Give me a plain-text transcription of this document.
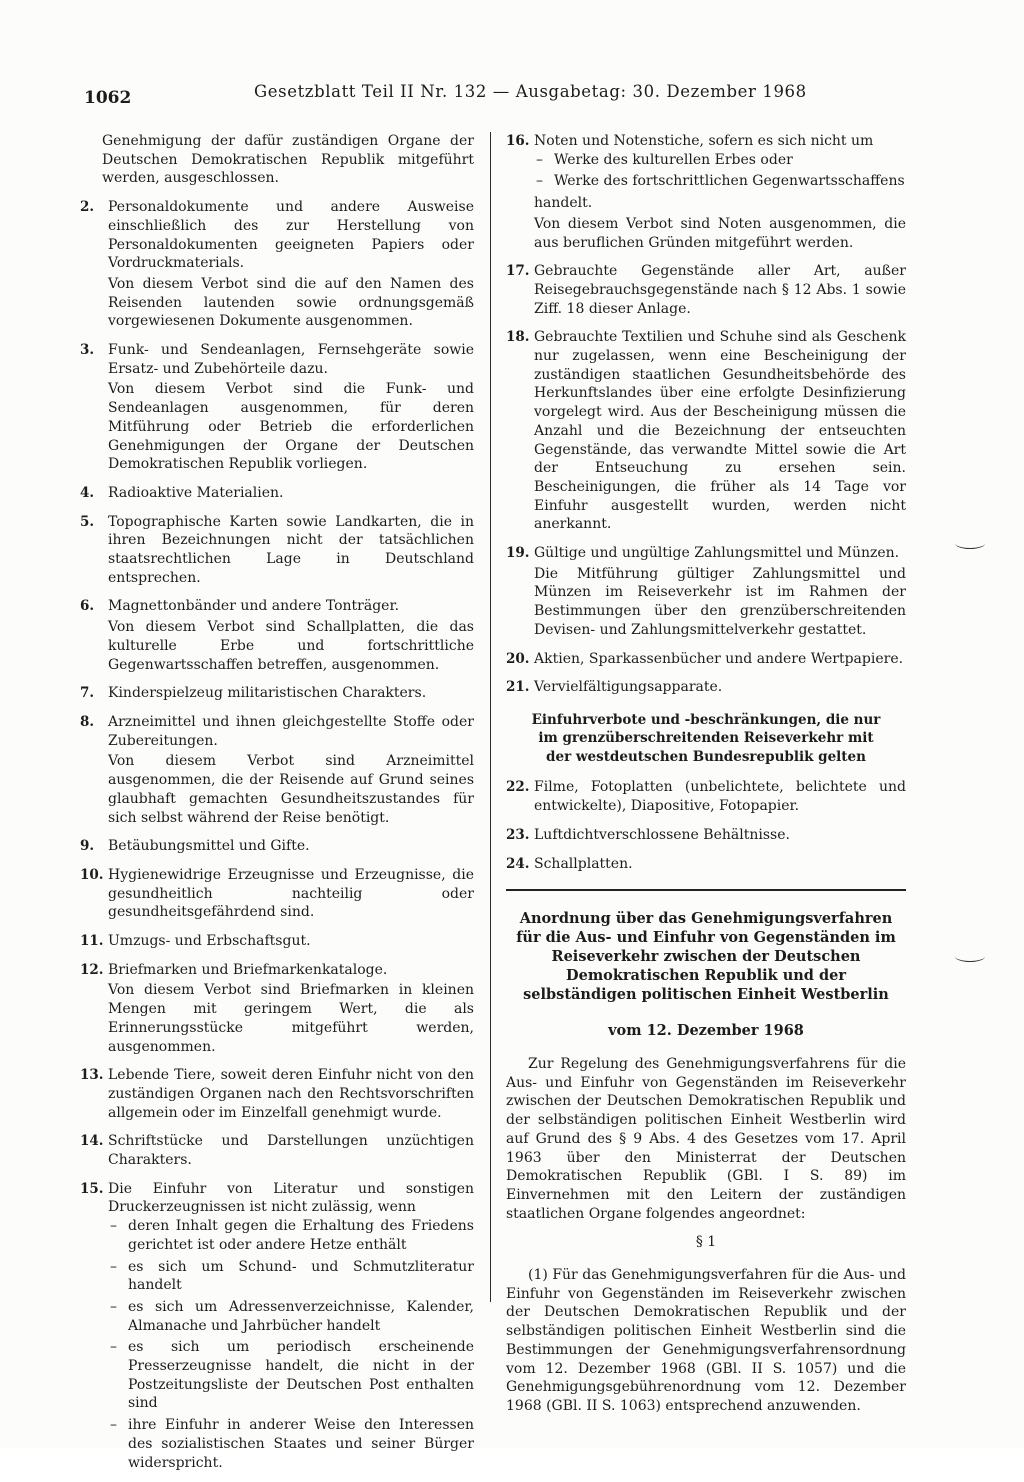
1062	Gesetzblatt Teil II Nr. 132 — Ausgabetag: 30. Dezember 1968

Genehmigung der dafür zuständigen Organe der Deutschen Demokratischen Republik mitgeführt werden, ausgeschlossen.

2. Personaldokumente und andere Ausweise einschließlich des zur Herstellung von Personaldokumenten geeigneten Papiers oder Vordruckmaterials.

Von diesem Verbot sind die auf den Namen des Reisenden lautenden sowie ordnungsgemäß vorgewiesenen Dokumente ausgenommen.

3. Funk- und Sendeanlagen, Fernsehgeräte sowie Ersatz- und Zubehörteile dazu.

Von diesem Verbot sind die Funk- und Sendeanlagen ausgenommen, für deren Mitführung oder Betrieb die erforderlichen Genehmigungen der Organe der Deutschen Demokratischen Republik vorliegen.

4. Radioaktive Materialien.

5. Topographische Karten sowie Landkarten, die in ihren Bezeichnungen nicht der tatsächlichen staatsrechtlichen Lage in Deutschland entsprechen.

6. Magnettonbänder und andere Tonträger.

Von diesem Verbot sind Schallplatten, die das kulturelle Erbe und fortschrittliche Gegenwartsschaffen betreffen, ausgenommen.

7. Kinderspielzeug militaristischen Charakters.

8. Arzneimittel und ihnen gleichgestellte Stoffe oder Zubereitungen.

Von diesem Verbot sind Arzneimittel ausgenommen, die der Reisende auf Grund seines glaubhaft gemachten Gesundheitszustandes für sich selbst während der Reise benötigt.

9. Betäubungsmittel und Gifte.

10. Hygienewidrige Erzeugnisse und Erzeugnisse, die gesundheitlich nachteilig oder gesundheitsgefährdend sind.

11. Umzugs- und Erbschaftsgut.

12. Briefmarken und Briefmarkenkataloge.

Von diesem Verbot sind Briefmarken in kleinen Mengen mit geringem Wert, die als Erinnerungsstücke mitgeführt werden, ausgenommen.

13. Lebende Tiere, soweit deren Einfuhr nicht von den zuständigen Organen nach den Rechtsvorschriften allgemein oder im Einzelfall genehmigt wurde.

14. Schriftstücke und Darstellungen unzüchtigen Charakters.

15. Die Einfuhr von Literatur und sonstigen Druckerzeugnissen ist nicht zulässig, wenn

– deren Inhalt gegen die Erhaltung des Friedens gerichtet ist oder andere Hetze enthält
– es sich um Schund- und Schmutzliteratur handelt
– es sich um Adressenverzeichnisse, Kalender, Almanache und Jahrbücher handelt
– es sich um periodisch erscheinende Presserzeugnisse handelt, die nicht in der Postzeitungsliste der Deutschen Post enthalten sind
– ihre Einfuhr in anderer Weise den Interessen des sozialistischen Staates und seiner Bürger widerspricht.
16. Noten und Notenstiche, sofern es sich nicht um

– Werke des kulturellen Erbes oder
– Werke des fortschrittlichen Gegenwartsschaffens

handelt.

Von diesem Verbot sind Noten ausgenommen, die aus beruflichen Gründen mitgeführt werden.

17. Gebrauchte Gegenstände aller Art, außer Reisegebrauchsgegenstände nach § 12 Abs. 1 sowie Ziff. 18 dieser Anlage.

18. Gebrauchte Textilien und Schuhe sind als Geschenk nur zugelassen, wenn eine Bescheinigung der zuständigen staatlichen Gesundheitsbehörde des Herkunftslandes über eine erfolgte Desinfizierung vorgelegt wird. Aus der Bescheinigung müssen die Anzahl und die Bezeichnung der entseuchten Gegenstände, das verwandte Mittel sowie die Art der Entseuchung zu ersehen sein. Bescheinigungen, die früher als 14 Tage vor Einfuhr ausgestellt wurden, werden nicht anerkannt.

19. Gültige und ungültige Zahlungsmittel und Münzen.

Die Mitführung gültiger Zahlungsmittel und Münzen im Reiseverkehr ist im Rahmen der Bestimmungen über den grenzüberschreitenden Devisen- und Zahlungsmittelverkehr gestattet.

20. Aktien, Sparkassenbücher und andere Wertpapiere.

21. Vervielfältigungsapparate.

Einfuhrverbote und -beschränkungen, die nur im grenzüberschreitenden Reiseverkehr mit der westdeutschen Bundesrepublik gelten
22. Filme, Fotoplatten (unbelichtete, belichtete und entwickelte), Diapositive, Fotopapier.

23. Luftdichtverschlossene Behältnisse.

24. Schallplatten.

Anordnung über das Genehmigungsverfahren für die Aus- und Einfuhr von Gegenständen im Reiseverkehr zwischen der Deutschen Demokratischen Republik und der selbständigen politischen Einheit Westberlin
vom 12. Dezember 1968

Zur Regelung des Genehmigungsverfahrens für die Aus- und Einfuhr von Gegenständen im Reiseverkehr zwischen der Deutschen Demokratischen Republik und der selbständigen politischen Einheit Westberlin wird auf Grund des § 9 Abs. 4 des Gesetzes vom 17. April 1963 über den Ministerrat der Deutschen Demokratischen Republik (GBl. I S. 89) im Einvernehmen mit den Leitern der zuständigen staatlichen Organe folgendes angeordnet:

§ 1

(1) Für das Genehmigungsverfahren für die Aus- und Einfuhr von Gegenständen im Reiseverkehr zwischen der Deutschen Demokratischen Republik und der selbständigen politischen Einheit Westberlin sind die Bestimmungen der Genehmigungsverfahrensordnung vom 12. Dezember 1968 (GBl. II S. 1057) und die Genehmigungsgebührenordnung vom 12. Dezember 1968 (GBl. II S. 1063) entsprechend anzuwenden.
